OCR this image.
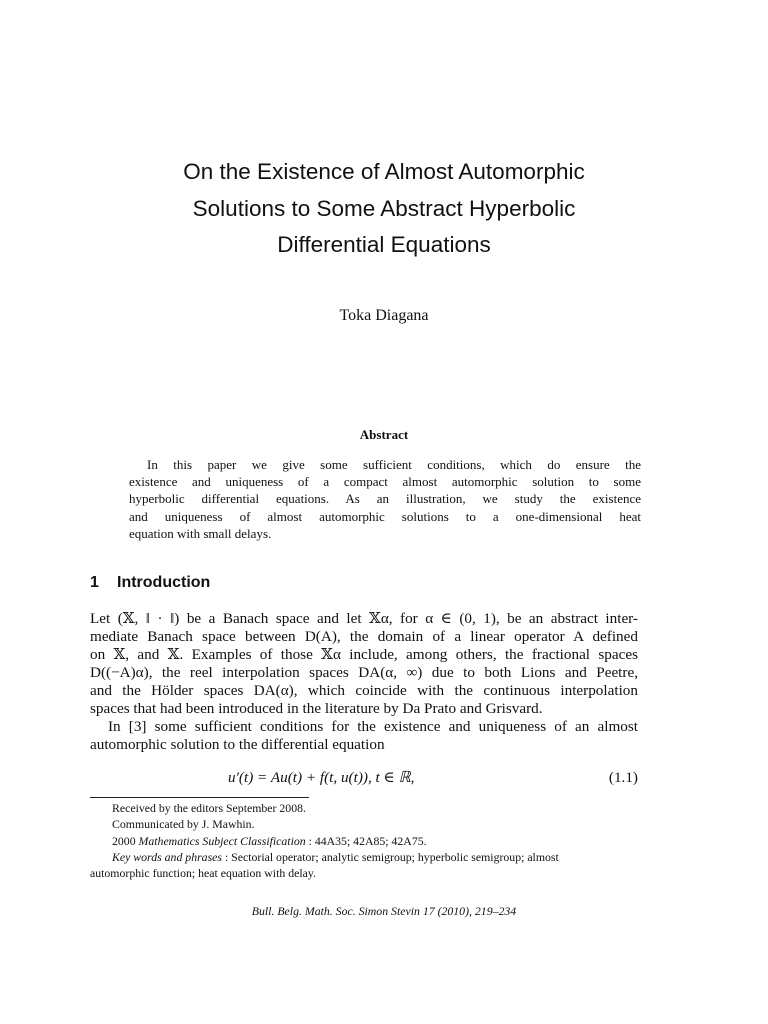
On the Existence of Almost Automorphic
Solutions to Some Abstract Hyperbolic
Differential Equations
Toka Diagana
Abstract
In this paper we give some sufficient conditions, which do ensure the
existence and uniqueness of a compact almost automorphic solution to some
hyperbolic differential equations. As an illustration, we study the existence
and uniqueness of almost automorphic solutions to a one-dimensional heat
equation with small delays.
1 Introduction
Let (𝕏, ‖ · ‖) be a Banach space and let 𝕏α, for α ∈ (0, 1), be an abstract inter-
mediate Banach space between D(A), the domain of a linear operator A defined
on 𝕏, and 𝕏. Examples of those 𝕏α include, among others, the fractional spaces
D((−A)α), the reel interpolation spaces DA(α, ∞) due to both Lions and Peetre,
and the Hölder spaces DA(α), which coincide with the continuous interpolation
spaces that had been introduced in the literature by Da Prato and Grisvard.
In [3] some sufficient conditions for the existence and uniqueness of an almost
automorphic solution to the differential equation
u′(t) = Au(t) + f(t, u(t)), t ∈ ℝ,	(1.1)
Received by the editors September 2008.
Communicated by J. Mawhin.
2000 Mathematics Subject Classification : 44A35; 42A85; 42A75.
Key words and phrases : Sectorial operator; analytic semigroup; hyperbolic semigroup; almost
automorphic function; heat equation with delay.
Bull. Belg. Math. Soc. Simon Stevin 17 (2010), 219–234
